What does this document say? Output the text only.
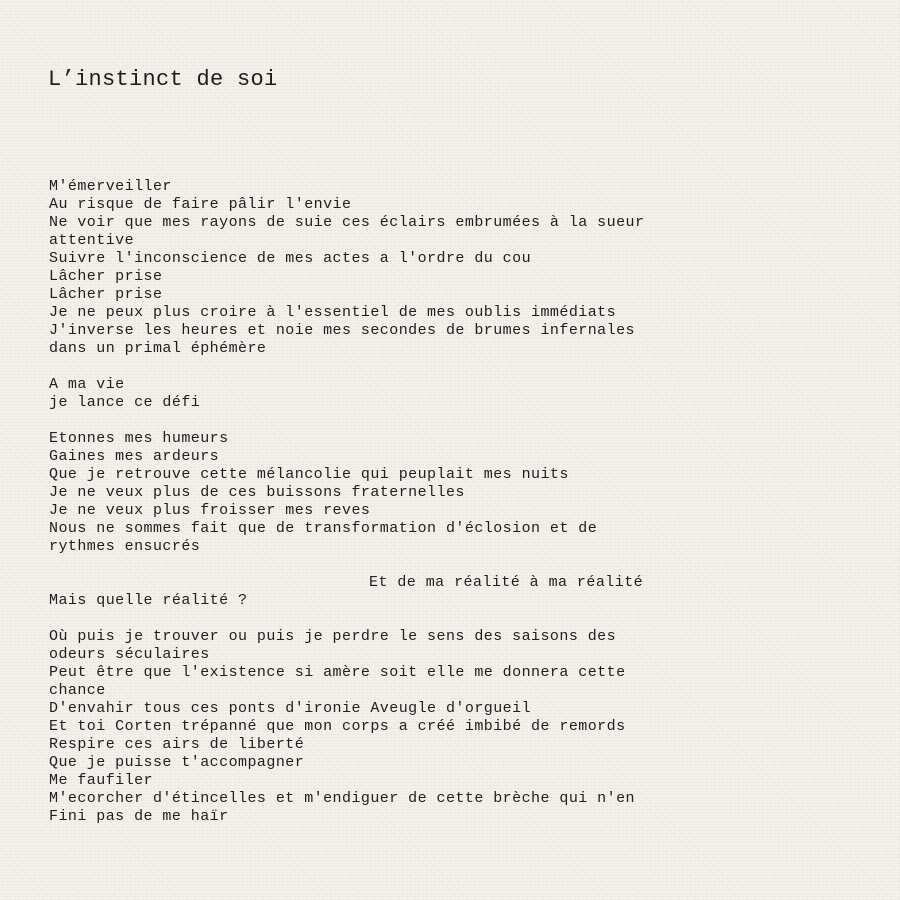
L’instinct de soi
M'émerveiller
Au risque de faire pâlir l'envie
Ne voir que mes rayons de suie ces éclairs embrumées à la sueur
attentive
Suivre l'inconscience de mes actes a l'ordre du cou
Lâcher prise
Lâcher prise
Je ne peux plus croire à l'essentiel de mes oublis immédiats
J'inverse les heures et noie mes secondes de brumes infernales
dans un primal éphémère
A ma vie
je lance ce défi
Etonnes mes humeurs
Gaines mes ardeurs
Que je retrouve cette mélancolie qui peuplait mes nuits
Je ne veux plus de ces buissons fraternelles
Je ne veux plus froisser mes reves
Nous ne sommes fait que de transformation d'éclosion et de
rythmes ensucrés
Et de ma réalité à ma réalité
Mais quelle réalité ?
Où puis je trouver ou puis je perdre le sens des saisons des
odeurs séculaires
Peut être que l'existence si amère soit elle me donnera cette
chance
D'envahir tous ces ponts d'ironie Aveugle d'orgueil
Et toi Corten trépanné que mon corps a créé imbibé de remords
Respire ces airs de liberté
Que je puisse t'accompagner
Me faufiler
M'ecorcher d'étincelles et m'endiguer de cette brèche qui n'en
Fini pas de me haïr
